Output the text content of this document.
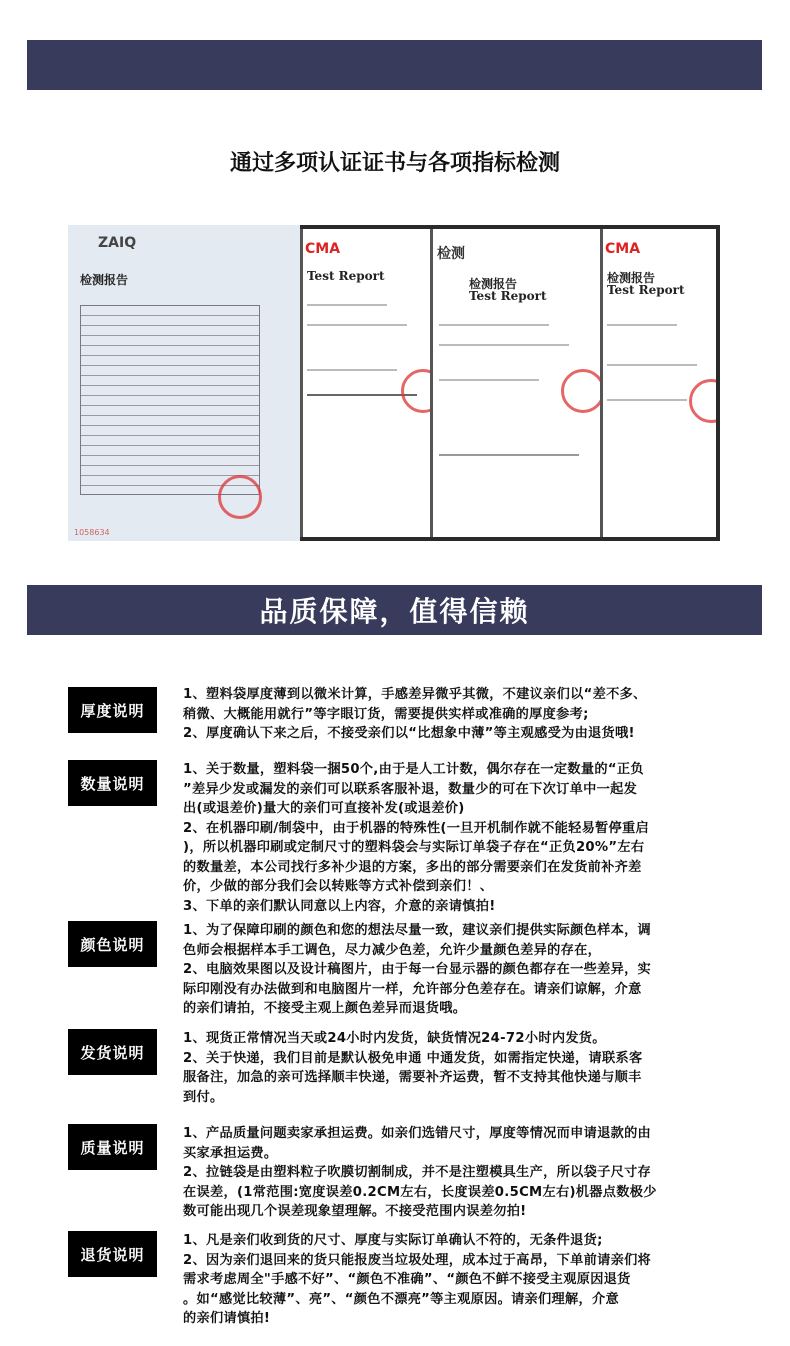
通过多项认证证书与各项指标检测
ZAIQ
检测报告
1058634
CMA
Test Report
检测
检测报告
Test Report
CMA
检测报告
Test Report
品质保障，值得信赖
厚度说明
1、塑料袋厚度薄到以微米计算，手感差异微乎其微，不建议亲们以“差不多、
稍微、大概能用就行”等字眼订货，需要提供实样或准确的厚度参考;
2、厚度确认下来之后，不接受亲们以“比想象中薄”等主观感受为由退货哦!
数量说明
1、关于数量，塑料袋一捆50个,由于是人工计数，偶尔存在一定数量的“正负
”差异少发或漏发的亲们可以联系客服补退，数量少的可在下次订单中一起发
出(或退差价)量大的亲们可直接补发(或退差价)
2、在机器印刷/制袋中，由于机器的特殊性(一旦开机制作就不能轻易暂停重启
)，所以机器印刷或定制尺寸的塑料袋会与实际订单袋子存在“正负20%”左右
的数量差，本公司找行多补少退的方案，多出的部分需要亲们在发货前补齐差
价，少做的部分我们会以转账等方式补偿到亲们！、
3、下单的亲们默认同意以上内容，介意的亲请慎拍!
颜色说明
1、为了保障印刷的颜色和您的想法尽量一致，建议亲们提供实际颜色样本，调
色师会根据样本手工调色，尽力减少色差，允许少量颜色差异的存在，
2、电脑效果图以及设计稿图片，由于每一台显示器的颜色都存在一些差异，实
际印刚没有办法做到和电脑图片一样，允许部分色差存在。请亲们谅解，介意
的亲们请拍，不接受主观上颜色差异而退货哦。
发货说明
1、现货正常情况当天或24小时内发货，缺货情况24-72小时内发货。
2、关于快递，我们目前是默认极免申通 中通发货，如需指定快递，请联系客
服备注，加急的亲可选择顺丰快递，需要补齐运费，暂不支持其他快递与顺丰
到付。
质量说明
1、产品质量问题卖家承担运费。如亲们选错尺寸，厚度等情况而申请退款的由
买家承担运费。
2、拉链袋是由塑料粒子吹膜切割制成，并不是注塑模具生产，所以袋子尺寸存
在误差，(1常范围:宽度误差0.2CM左右，长度误差0.5CM左右)机器点数极少
数可能出现几个误差现象望理解。不接受范围内误差勿拍!
退货说明
1、凡是亲们收到货的尺寸、厚度与实际订单确认不符的，无条件退货;
2、因为亲们退回来的货只能报废当垃圾处理，成本过于高昂，下单前请亲们将
需求考虑周全"手感不好”、“颜色不准确”、“颜色不鲜不接受主观原因退货
。如“感觉比较薄”、亮”、“颜色不漂亮”等主观原因。请亲们理解，介意
的亲们请慎拍!
